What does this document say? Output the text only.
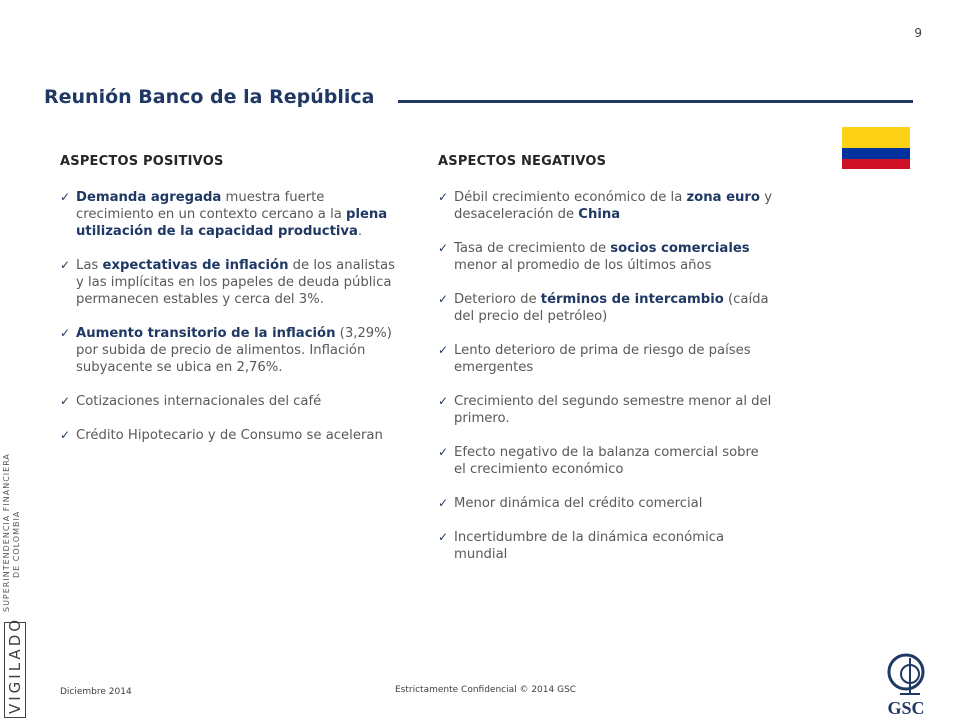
9
Reunión Banco de la República
ASPECTOS POSITIVOS
✓ Demanda agregada muestra fuerte crecimiento en un contexto cercano a la plena utilización de la capacidad productiva.
✓ Las expectativas de inflación de los analistas y las implícitas en los papeles de deuda pública permanecen estables y cerca del 3%.
✓ Aumento transitorio de la inflación (3,29%) por subida de precio de alimentos. Inflación subyacente se ubica en 2,76%.
✓ Cotizaciones internacionales del café
✓ Crédito Hipotecario y de Consumo se aceleran
ASPECTOS NEGATIVOS
✓ Débil crecimiento económico de la zona euro y desaceleración de China
✓ Tasa de crecimiento de socios comerciales menor al promedio de los últimos años
✓ Deterioro de términos de intercambio (caída del precio del petróleo)
✓ Lento deterioro de prima de riesgo de países emergentes
✓ Crecimiento del segundo semestre menor al del primero.
✓ Efecto negativo de la balanza comercial sobre el crecimiento económico
✓ Menor dinámica del crédito comercial
✓ Incertidumbre de la dinámica económica mundial
SUPERINTENDENCIA FINANCIERA DE COLOMBIA
VIGILADO	Diciembre 2014	Estrictamente Confidencial © 2014 GSC
GSC
